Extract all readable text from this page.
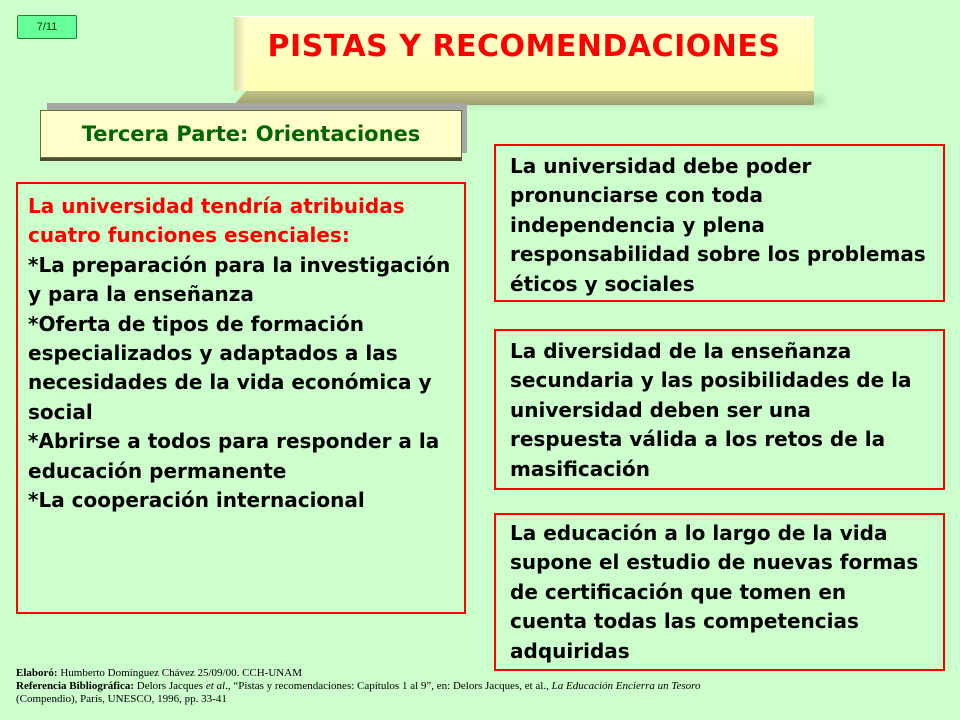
7/11
PISTAS Y RECOMENDACIONES
Tercera Parte: Orientaciones

La universidad tendría atribuidas cuatro funciones esenciales:

*La preparación para la investigación y para la enseñanza

*Oferta de tipos de formación especializados y adaptados a las necesidades de la vida económica y social

*Abrirse a todos para responder a la educación permanente

*La cooperación internacional

La universidad debe poder pronunciarse con toda independencia y plena responsabilidad sobre los problemas éticos y sociales

La diversidad de la enseñanza secundaria y las posibilidades de la universidad deben ser una respuesta válida a los retos de la masificación

La educación a lo largo de la vida supone el estudio de nuevas formas de certificación que tomen en cuenta todas las competencias adquiridas

Elaboró: Humberto Domínguez Chávez 25/09/00. CCH-UNAM
Referencia Bibliográfica: Delors Jacques et al., “Pistas y recomendaciones: Capítulos 1 al 9”, en: Delors Jacques, et al., La Educación Encierra un Tesoro
(Compendio), París, UNESCO, 1996, pp. 33-41
